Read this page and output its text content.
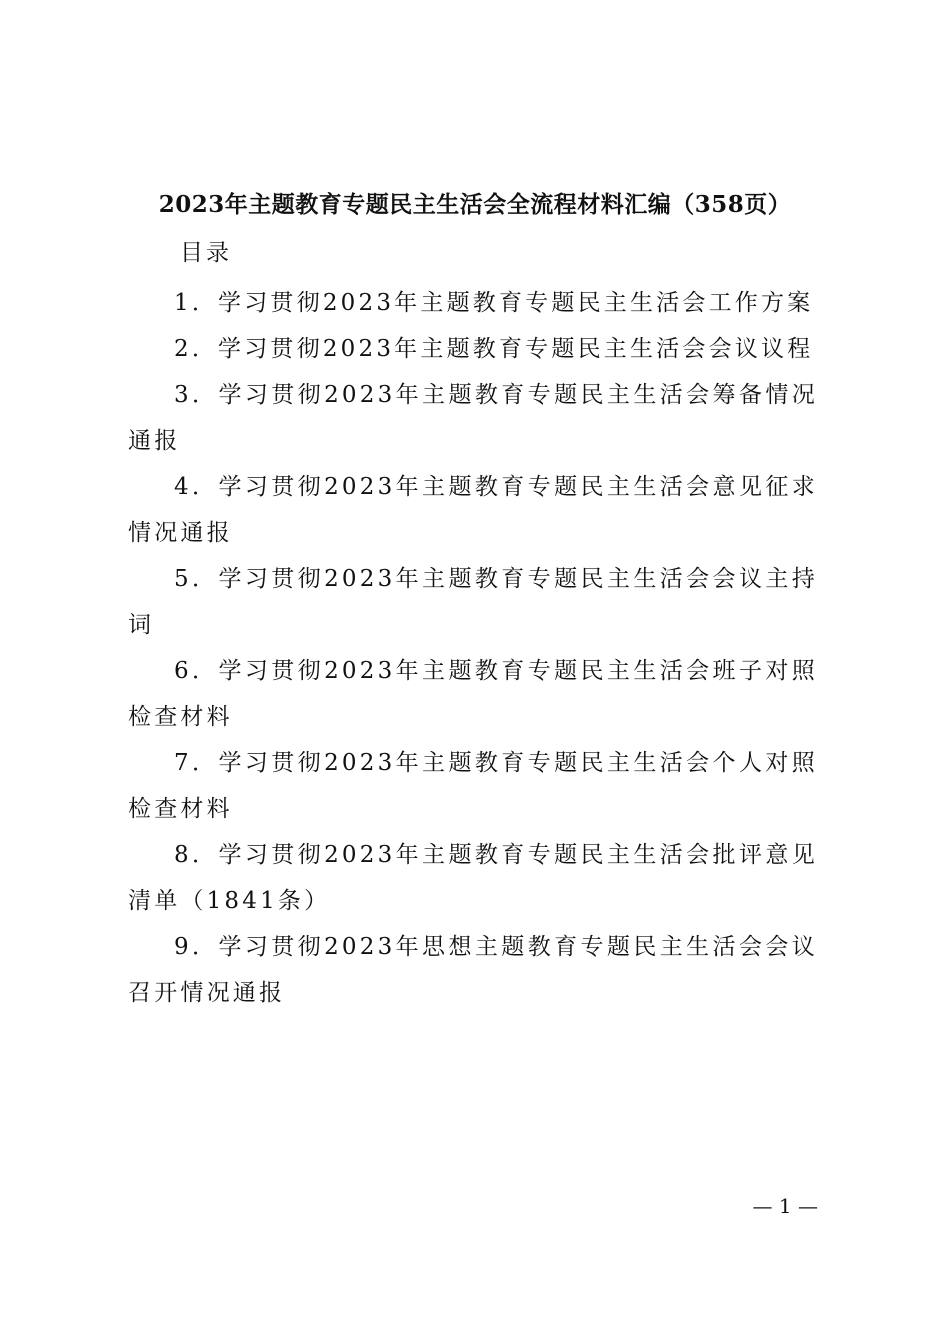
2023年主题教育专题民主生活会全流程材料汇编（358页）
目录
1．学习贯彻2023年主题教育专题民主生活会工作方案
2．学习贯彻2023年主题教育专题民主生活会会议议程
3．学习贯彻2023年主题教育专题民主生活会筹备情况通报
4．学习贯彻2023年主题教育专题民主生活会意见征求情况通报
5．学习贯彻2023年主题教育专题民主生活会会议主持词
6．学习贯彻2023年主题教育专题民主生活会班子对照检查材料
7．学习贯彻2023年主题教育专题民主生活会个人对照检查材料
8．学习贯彻2023年主题教育专题民主生活会批评意见清单（1841条）
9．学习贯彻2023年思想主题教育专题民主生活会会议召开情况通报
— 1 —
